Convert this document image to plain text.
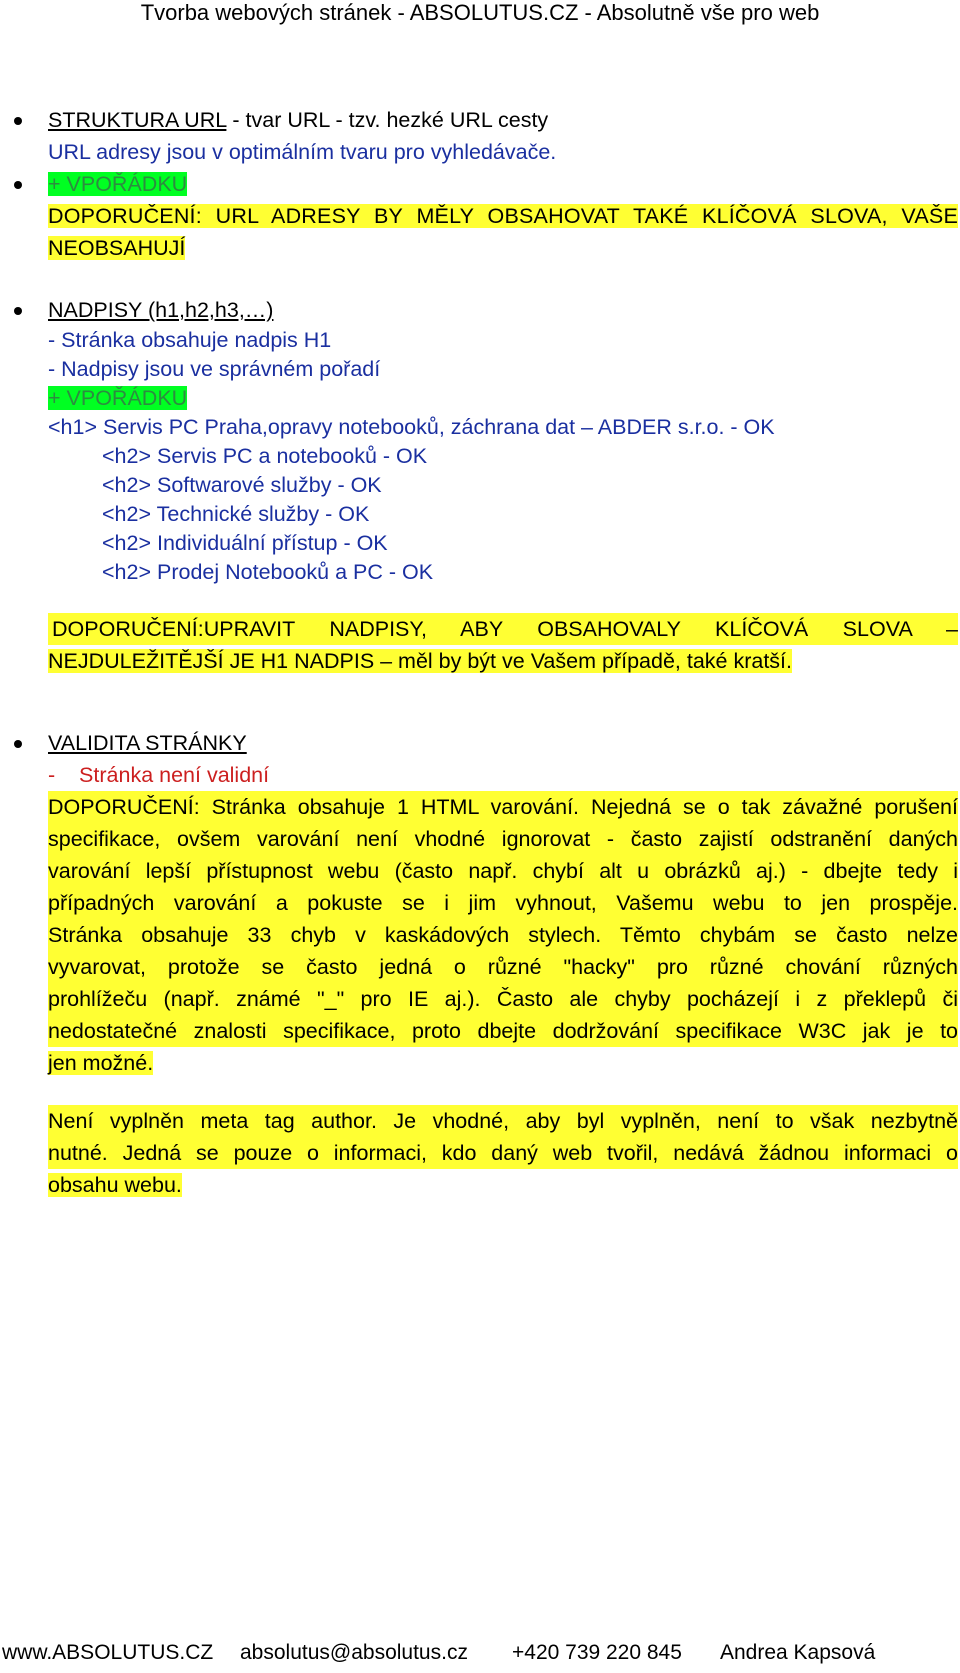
Tvorba webových stránek - ABSOLUTUS.CZ - Absolutně vše pro web
STRUKTURA URL - tvar URL - tzv. hezké URL cesty
URL adresy jsou v optimálním tvaru pro vyhledávače.
+ VPOŘÁDKU
DOPORUČENÍ: URL ADRESY BY MĚLY OBSAHOVAT TAKÉ KLÍČOVÁ SLOVA, VAŠE
NEOBSAHUJÍ
NADPISY (h1,h2,h3,…)
- Stránka obsahuje nadpis H1
- Nadpisy jsou ve správném pořadí
+ VPOŘÁDKU
<h1> Servis PC Praha,opravy notebooků, záchrana dat – ABDER s.r.o. - OK
<h2> Servis PC a notebooků - OK
<h2> Softwarové služby - OK
<h2> Technické služby - OK
<h2> Individuální přístup - OK
<h2> Prodej Notebooků a PC - OK
DOPORUČENÍ:UPRAVIT NADPISY, ABY OBSAHOVALY KLÍČOVÁ SLOVA –
NEJDULEŽITĚJŠÍ JE H1 NADPIS – měl by být ve Vašem případě, také kratší.
VALIDITA STRÁNKY
-    Stránka není validní
DOPORUČENÍ: Stránka obsahuje 1 HTML varování. Nejedná se o tak závažné porušení
specifikace, ovšem varování není vhodné ignorovat - často zajistí odstranění daných
varování lepší přístupnost webu (často např. chybí alt u obrázků aj.) - dbejte tedy i
případných varování a pokuste se i jim vyhnout, Vašemu webu to jen prospěje.
Stránka obsahuje 33 chyb v kaskádových stylech. Těmto chybám se často nelze
vyvarovat, protože se často jedná o různé "hacky" pro různé chování různých
prohlížeču (např. známé "_" pro IE aj.). Často ale chyby pocházejí i z překlepů či
nedostatečné znalosti specifikace, proto dbejte dodržování specifikace W3C jak je to
jen možné.
Není vyplněn meta tag author. Je vhodné, aby byl vyplněn, není to však nezbytně
nutné. Jedná se pouze o informaci, kdo daný web tvořil, nedává žádnou informaci o
obsahu webu.
www.ABSOLUTUS.CZ absolutus@absolutus.cz +420 739 220 845 Andrea Kapsová
